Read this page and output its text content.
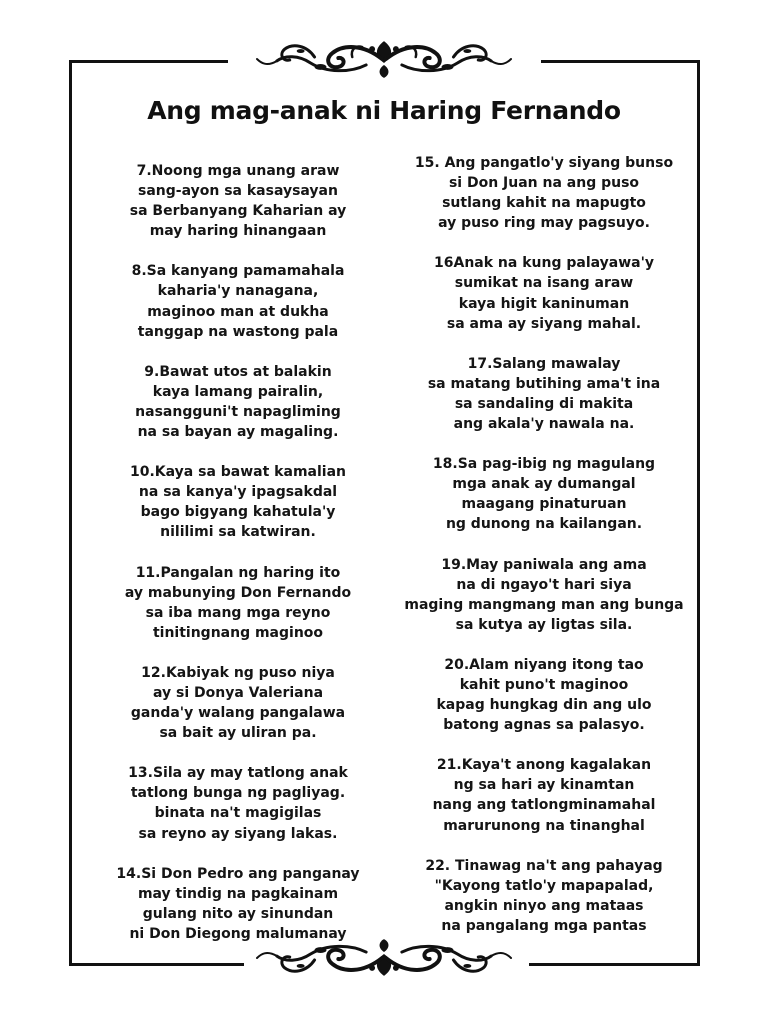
Ang mag-anak ni Haring Fernando
7.Noong mga unang araw
sang-ayon sa kasaysayan
sa Berbanyang Kaharian ay
may haring hinangaan
8.Sa kanyang pamamahala
kaharia'y nanagana,
maginoo man at dukha
tanggap na wastong pala
9.Bawat utos at balakin
kaya lamang pairalin,
nasangguni't napagliming
na sa bayan ay magaling.
10.Kaya sa bawat kamalian
na sa kanya'y ipagsakdal
bago bigyang kahatula'y
nililimi sa katwiran.
11.Pangalan ng haring ito
ay mabunying Don Fernando
sa iba mang mga reyno
tinitingnang maginoo
12.Kabiyak ng puso niya
ay si Donya Valeriana
ganda'y walang pangalawa
sa bait ay uliran pa.
13.Sila ay may tatlong anak
tatlong bunga ng pagliyag.
binata na't magigilas
sa reyno ay siyang lakas.
14.Si Don Pedro ang panganay
may tindig na pagkainam
gulang nito ay sinundan
ni Don Diegong malumanay
15. Ang pangatlo'y siyang bunso
si Don Juan na ang puso
sutlang kahit na mapugto
ay puso ring may pagsuyo.
16Anak na kung palayawa'y
sumikat na isang araw
kaya higit kaninuman
sa ama ay siyang mahal.
17.Salang mawalay
sa matang butihing ama't ina
sa sandaling di makita
ang akala'y nawala na.
18.Sa pag-ibig ng magulang
mga anak ay dumangal
maagang pinaturuan
ng dunong na kailangan.
19.May paniwala ang ama
na di ngayo't hari siya
maging mangmang man ang bunga
sa kutya ay ligtas sila.
20.Alam niyang itong tao
kahit puno't maginoo
kapag hungkag din ang ulo
batong agnas sa palasyo.
21.Kaya't anong kagalakan
ng sa hari ay kinamtan
nang ang tatlongminamahal
marurunong na tinanghal
22. Tinawag na't ang pahayag
"Kayong tatlo'y mapapalad,
angkin ninyo ang mataas
na pangalang mga pantas
